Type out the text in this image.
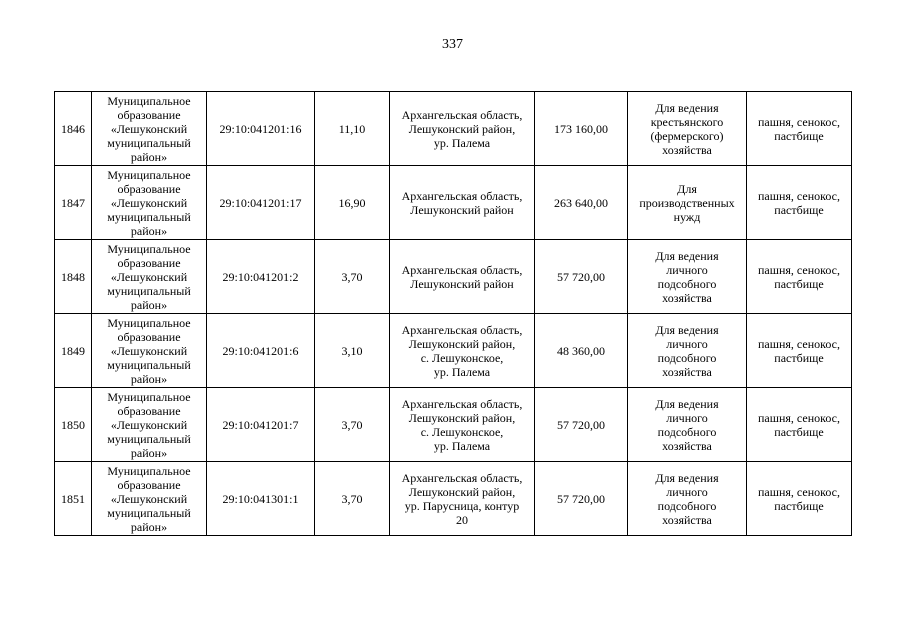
337
1846	Муниципальное
образование
«Лешуконский
муниципальный
район»	29:10:041201:16	11,10	Архангельская область,
Лешуконский район,
ур. Палема	173 160,00	Для ведения
крестьянского
(фермерского)
хозяйства	пашня, сенокос,
пастбище
1847	Муниципальное
образование
«Лешуконский
муниципальный
район»	29:10:041201:17	16,90	Архангельская область,
Лешуконский район	263 640,00	Для
производственных
нужд	пашня, сенокос,
пастбище
1848	Муниципальное
образование
«Лешуконский
муниципальный
район»	29:10:041201:2	3,70	Архангельская область,
Лешуконский район	57 720,00	Для ведения
личного
подсобного
хозяйства	пашня, сенокос,
пастбище
1849	Муниципальное
образование
«Лешуконский
муниципальный
район»	29:10:041201:6	3,10	Архангельская область,
Лешуконский район,
с. Лешуконское,
ур. Палема	48 360,00	Для ведения
личного
подсобного
хозяйства	пашня, сенокос,
пастбище
1850	Муниципальное
образование
«Лешуконский
муниципальный
район»	29:10:041201:7	3,70	Архангельская область,
Лешуконский район,
с. Лешуконское,
ур. Палема	57 720,00	Для ведения
личного
подсобного
хозяйства	пашня, сенокос,
пастбище
1851	Муниципальное
образование
«Лешуконский
муниципальный
район»	29:10:041301:1	3,70	Архангельская область,
Лешуконский район,
ур. Парусница, контур
20	57 720,00	Для ведения
личного
подсобного
хозяйства	пашня, сенокос,
пастбище
